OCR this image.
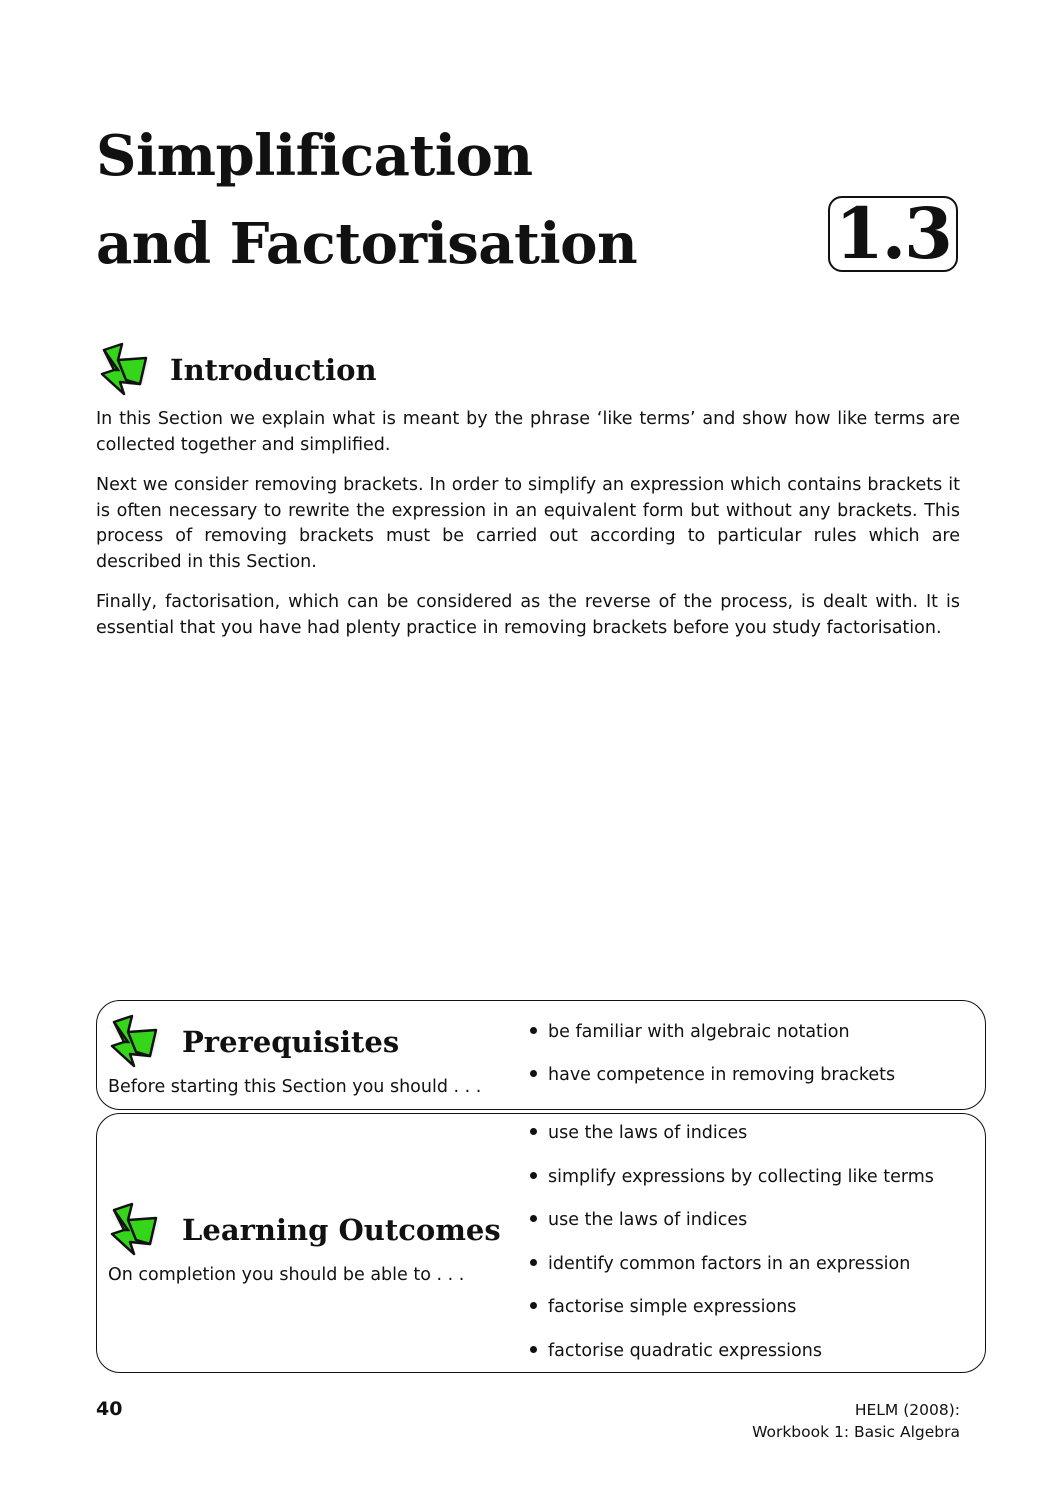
Simplification
and Factorisation	1.3
Introduction

In this Section we explain what is meant by the phrase ‘like terms’ and show how like terms are collected together and simplified.

Next we consider removing brackets. In order to simplify an expression which contains brackets it is often necessary to rewrite the expression in an equivalent form but without any brackets. This process of removing brackets must be carried out according to particular rules which are described in this Section.

Finally, factorisation, which can be considered as the reverse of the process, is dealt with. It is essential that you have had plenty practice in removing brackets before you study factorisation.

Prerequisites

Before starting this Section you should . . .

be familiar with algebraic notation
have competence in removing brackets
Learning Outcomes

On completion you should be able to . . .

use the laws of indices
simplify expressions by collecting like terms
use the laws of indices
identify common factors in an expression
factorise simple expressions
factorise quadratic expressions

40	HELM (2008):
Workbook 1: Basic Algebra
